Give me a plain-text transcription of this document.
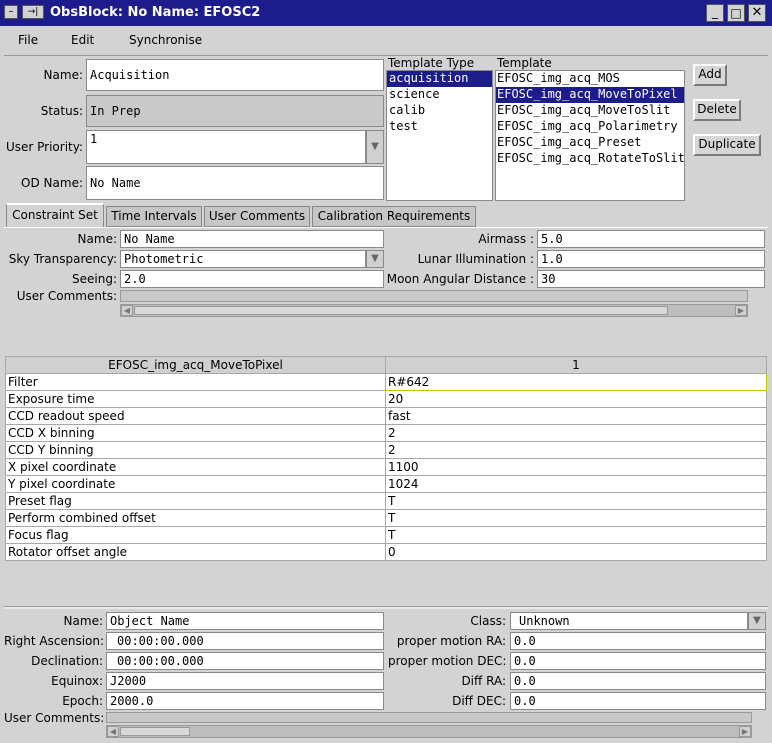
–	→| ObsBlock: No Name: EFOSC2	_	□ ✕
File	Edit	Synchronise
Name: Acquisition
Status: In Prep
User Priority:
1
▼
OD Name: No Name
Template Type
acquisition
science
calib
test
Template
EFOSC_img_acq_MOS
EFOSC_img_acq_MoveToPixel
EFOSC_img_acq_MoveToSlit
EFOSC_img_acq_Polarimetry
EFOSC_img_acq_Preset
EFOSC_img_acq_RotateToSlit
Add
Delete
Duplicate
Constraint Set	Time Intervals	User Comments	Calibration Requirements
Name: No Name
Sky Transparency: Photometric	▼
Seeing: 2.0
User Comments:
◀	▶
Airmass : 5.0
Lunar Illumination : 1.0
Moon Angular Distance : 30
EFOSC_img_acq_MoveToPixel	1
Filter	R#642
Exposure time	20
CCD readout speed	fast
CCD X binning	2
CCD Y binning	2
X pixel coordinate	1100
Y pixel coordinate	1024
Preset flag	T
Perform combined offset	T
Focus flag	T
Rotator offset angle	0
Name: Object Name
Right Ascension:	00:00:00.000
Declination:	00:00:00.000
Equinox: J2000
Epoch: 2000.0
User Comments:
◀	▶
Class:	Unknown	▼
proper motion RA: 0.0
proper motion DEC: 0.0
Diff RA: 0.0
Diff DEC: 0.0
